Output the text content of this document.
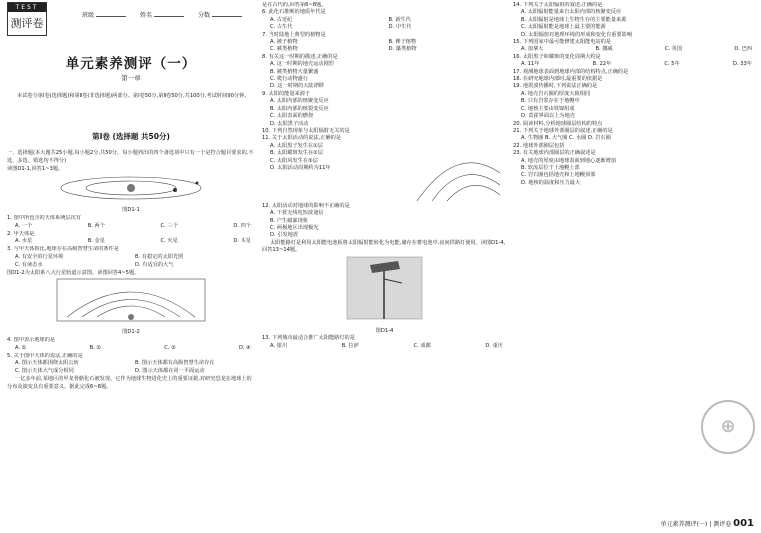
TEST
测评卷
班级	姓名	分数
单元素养测评（一）
第一章
本试卷分第Ⅰ卷(选择题)和第Ⅱ卷(非选择题)两部分。第Ⅰ卷50分,第Ⅱ卷50分,共100分,考试时间90分钟。
第Ⅰ卷 (选择题 共50分)

一、选择题(本大题共25小题,每小题2分,共50分。每小题列出的四个备选项中只有一个是符合题目要求的,不选、多选、错选均不得分)

读图D1-1,回答1~3题。

图D1-1

1. 图中所包含的天体系统层次有

A. 一个	B. 两个	C. 三个	D. 四个

2. 甲天体是

A. 水星	B. 金星	C. 火星	D. 木星

3. 与甲天体相比,地球存在高级智慧生命的条件是

A. 有安全的行星环境	B. 有稳定的太阳光照
C. 有液态水	D. 有适宜的大气

图D1-2为太阳系八大行星轨道示意图。读图回答4~5题。

图D1-2

4. 图中表示地球的是

A. ①	B. ②	C. ③	D. ④

5. 关于图中天体的说法,正确的是

A. 图示天体都围绕太阳公转	B. 图示天体都有高级智慧生命存在
C. 图示天体大气成分相同	D. 图示天体都在同一平面运动

一亿多年前,某地区的甲龙骨骼化石被发现。它作为地球生物进化史上的重要证据,对研究恐龙在地球上的分布及演变具有重要意义。据此完成6~8题。

是在古代的,回答第6~8题。

6. 此化石推断的地质年代是

A. 古近纪	B. 新生代
C. 古生代	D. 中生代

7. 当时陆地上典型的植物是

A. 被子植物	B. 裸子植物
C. 蕨类植物	D. 藻类植物

8. 有关这一时期的描述,正确的是

A. 这一时期的地壳运动剧烈

B. 蕨类植物大量繁盛

C. 爬行动物盛行

D. 这一时期的大陆漂移

9. 太阳的能量来源于

A. 太阳内部的核聚变反应

B. 太阳内部的核裂变反应

C. 太阳表面的燃烧

D. 太阳黑子活动

10. 下列自然现象与太阳辐射无关的是

11. 关于太阳活动的说法,正确的是

A. 太阳黑子发生在①层

B. 太阳耀斑发生在②层

C. 太阳风发生在③层

D. 太阳活动周期约为11年

12. 太阳活动对地球的影响不正确的是

A. 干扰无线电短波通信

B. 产生磁暴现象

C. 两极地区出现极光

D. 引发地震

太阳能路灯是利用太阳能电池板将太阳辐射能转化为电能,储存在蓄电池中,夜间供路灯使用。读图D1-4,回答13~14题。

图D1-4

13. 下列城市最适合推广太阳能路灯的是

A. 银川	B. 拉萨	C. 成都	D. 重庆

14. 下列关于太阳辐射的叙述,正确的是

A. 太阳辐射能量来自太阳内部的核聚变反应

B. 太阳辐射是地球上生物生存的主要能量来源

C. 太阳辐射能是地球上最主要的能源

D. 太阳辐射对地理环境的形成和变化有重要影响

15. 下列国家中最可能修建太阳能电站的是

A. 加拿大	B. 挪威	C. 英国	D. 巴西

16. 太阳黑子和耀斑的变化周期大约是

A. 11年	B. 22年	C. 5年	D. 33年

17. 观测地球表面到地球内部的结构特点,正确的是

18. 在研究地球内部时,最重要的依据是

19. 地震波传播时,下列说法正确的是

A. 地壳岩石圈的厚度大致相同

B. 只有岩浆存在于地幔中

C. 地核主要由铁镍组成

D. 莫霍界面以上为地壳

20. 阅读材料,分析地球圈层结构的特点

21. 下列关于地球外部圈层的叙述,正确的是

A. 生物圈 B. 大气圈 C. 水圈 D. 岩石圈

22. 地球外部圈层包括

23. 有关地球内部圈层的正确叙述是

A. 地壳的厚度由地球表面到地心逐渐增加

B. 软流层位于上地幔上部

C. 岩石圈包括地壳和上地幔顶部

D. 地核的温度和压力最大

⊕
单元素养测评(一) | 测评卷 001
